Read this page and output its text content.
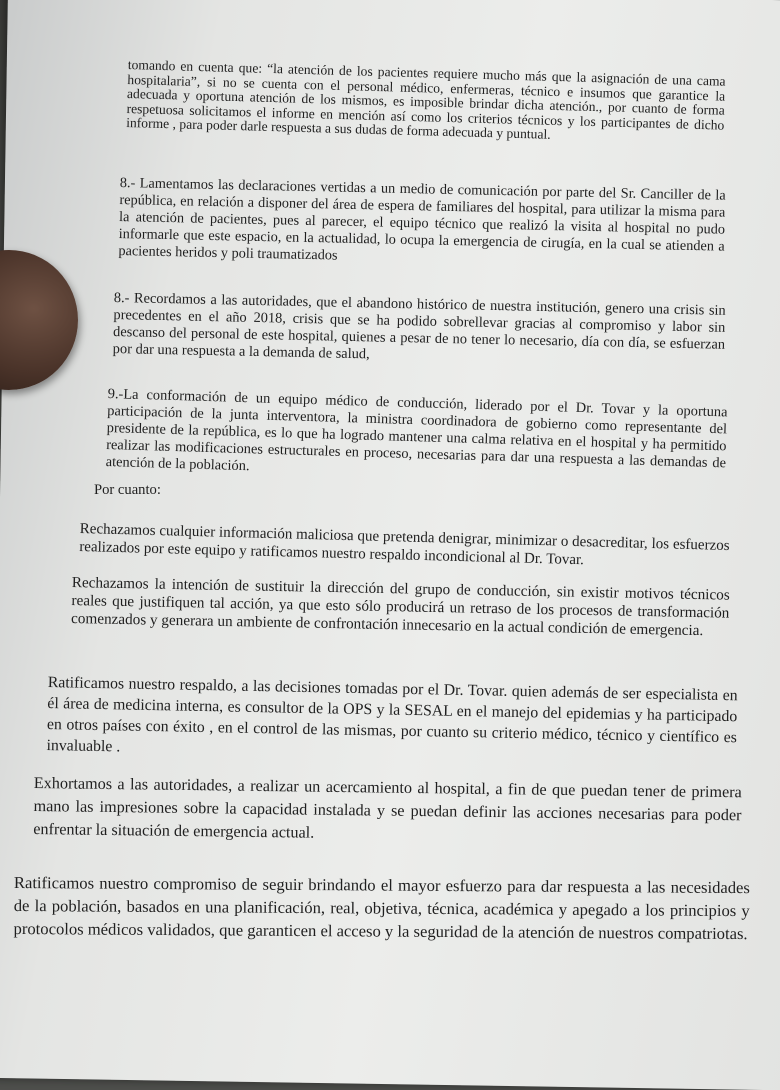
tomando en cuenta que: “la atención de los pacientes requiere mucho más que la asignación de una cama hospitalaria”, si no se cuenta con el personal médico, enfermeras, técnico e insumos que garantice la adecuada y oportuna atención de los mismos, es imposible brindar dicha atención., por cuanto de forma respetuosa solicitamos el informe en mención así como los criterios técnicos y los participantes de dicho informe , para poder darle respuesta a sus dudas de forma adecuada y puntual.

8.- Lamentamos las declaraciones vertidas a un medio de comunicación por parte del Sr. Canciller de la república, en relación a disponer del área de espera de familiares del hospital, para utilizar la misma para la atención de pacientes, pues al parecer, el equipo técnico que realizó la visita al hospital no pudo informarle que este espacio, en la actualidad, lo ocupa la emergencia de cirugía, en la cual se atienden a pacientes heridos y poli traumatizados

8.- Recordamos a las autoridades, que el abandono histórico de nuestra institución, genero una crisis sin precedentes en el año 2018, crisis que se ha podido sobrellevar gracias al compromiso y labor sin descanso del personal de este hospital, quienes a pesar de no tener lo necesario, día con día, se esfuerzan por dar una respuesta a la demanda de salud,

9.-La conformación de un equipo médico de conducción, liderado por el Dr. Tovar y la oportuna participación de la junta interventora, la ministra coordinadora de gobierno como representante del presidente de la república, es lo que ha logrado mantener una calma relativa en el hospital y ha permitido realizar las modificaciones estructurales en proceso, necesarias para dar una respuesta a las demandas de atención de la población.

Por cuanto:

Rechazamos cualquier información maliciosa que pretenda denigrar, minimizar o desacreditar, los esfuerzos realizados por este equipo y ratificamos nuestro respaldo incondicional al Dr. Tovar.

Rechazamos la intención de sustituir la dirección del grupo de conducción, sin existir motivos técnicos reales que justifiquen tal acción, ya que esto sólo producirá un retraso de los procesos de transformación comenzados y generara un ambiente de confrontación innecesario en la actual condición de emergencia.

Ratificamos nuestro respaldo, a las decisiones tomadas por el Dr. Tovar. quien además de ser especialista en él área de medicina interna, es consultor de la OPS y la SESAL en el manejo del epidemias y ha participado en otros países con éxito , en el control de las mismas, por cuanto su criterio médico, técnico y científico es invaluable .

Exhortamos a las autoridades, a realizar un acercamiento al hospital, a fin de que puedan tener de primera mano las impresiones sobre la capacidad instalada y se puedan definir las acciones necesarias para poder enfrentar la situación de emergencia actual.

Ratificamos nuestro compromiso de seguir brindando el mayor esfuerzo para dar respuesta a las necesidades de la población, basados en una planificación, real, objetiva, técnica, académica y apegado a los principios y protocolos médicos validados, que garanticen el acceso y la seguridad de la atención de nuestros compatriotas.
